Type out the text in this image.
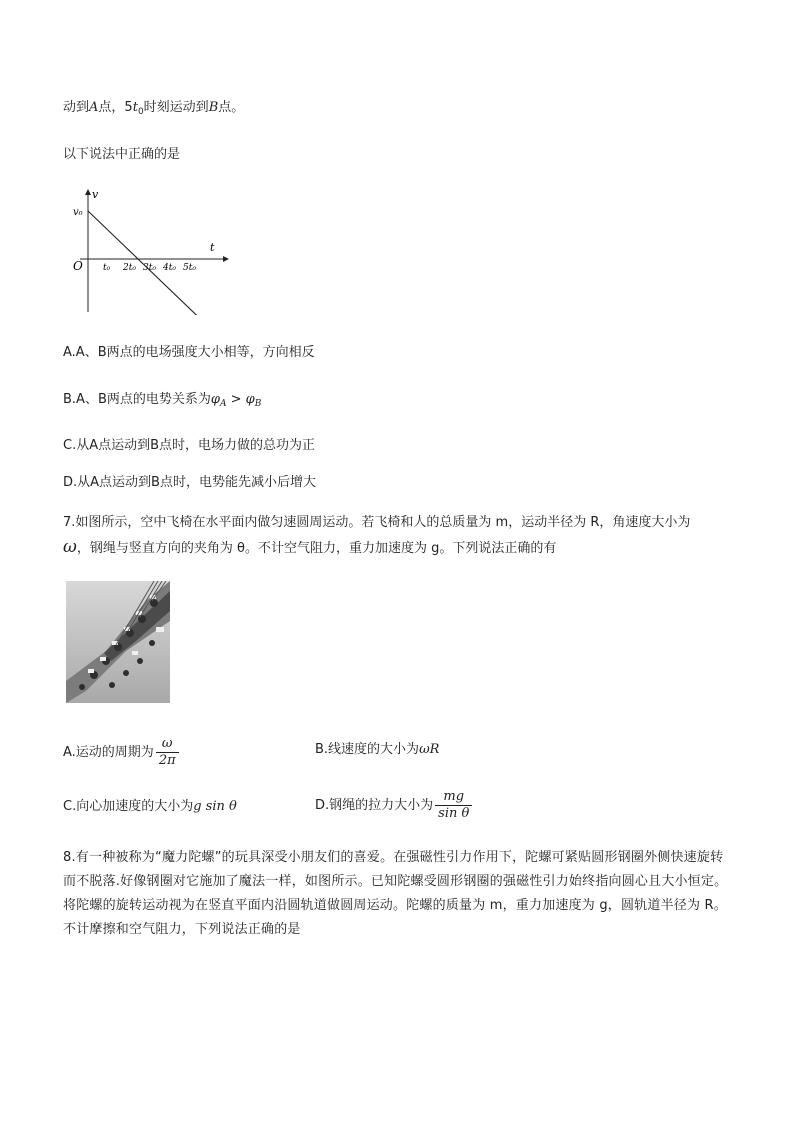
动到A点，$5t_0$时刻运动到B点。
以下说法中正确的是
v
t
v₀
O t₀ 2t₀ 3t₀ 4t₀ 5t₀
A.A、B两点的电场强度大小相等，方向相反
B.A、B两点的电势关系为$\varphi_A > \varphi_B$
C.从A点运动到B点时，电场力做的总功为正
D.从A点运动到B点时，电势能先减小后增大
7.如图所示，空中飞椅在水平面内做匀速圆周运动。若飞椅和人的总质量为 m，运动半径为 R，角速度大小为
ω，钢绳与竖直方向的夹角为 θ。不计空气阻力，重力加速度为 g。下列说法正确的有
A.运动的周期为 $\frac{\omega}{2\pi}$	B.线速度的大小为ωR
C.向心加速度的大小为g sin θ	D.钢绳的拉力大小为 $\frac{mg}{\text{sin θ}}$
8.有一种被称为“魔力陀螺”的玩具深受小朋友们的喜爱。在强磁性引力作用下，陀螺可紧贴圆形钢圈外侧快速旋转而不脱落.好像钢圈对它施加了魔法一样，如图所示。已知陀螺受圆形钢圈的强磁性引力始终指向圆心且大小恒定。将陀螺的旋转运动视为在竖直平面内沿圆轨道做圆周运动。陀螺的质量为 m，重力加速度为 g，圆轨道半径为 R。不计摩擦和空气阻力，下列说法正确的是
